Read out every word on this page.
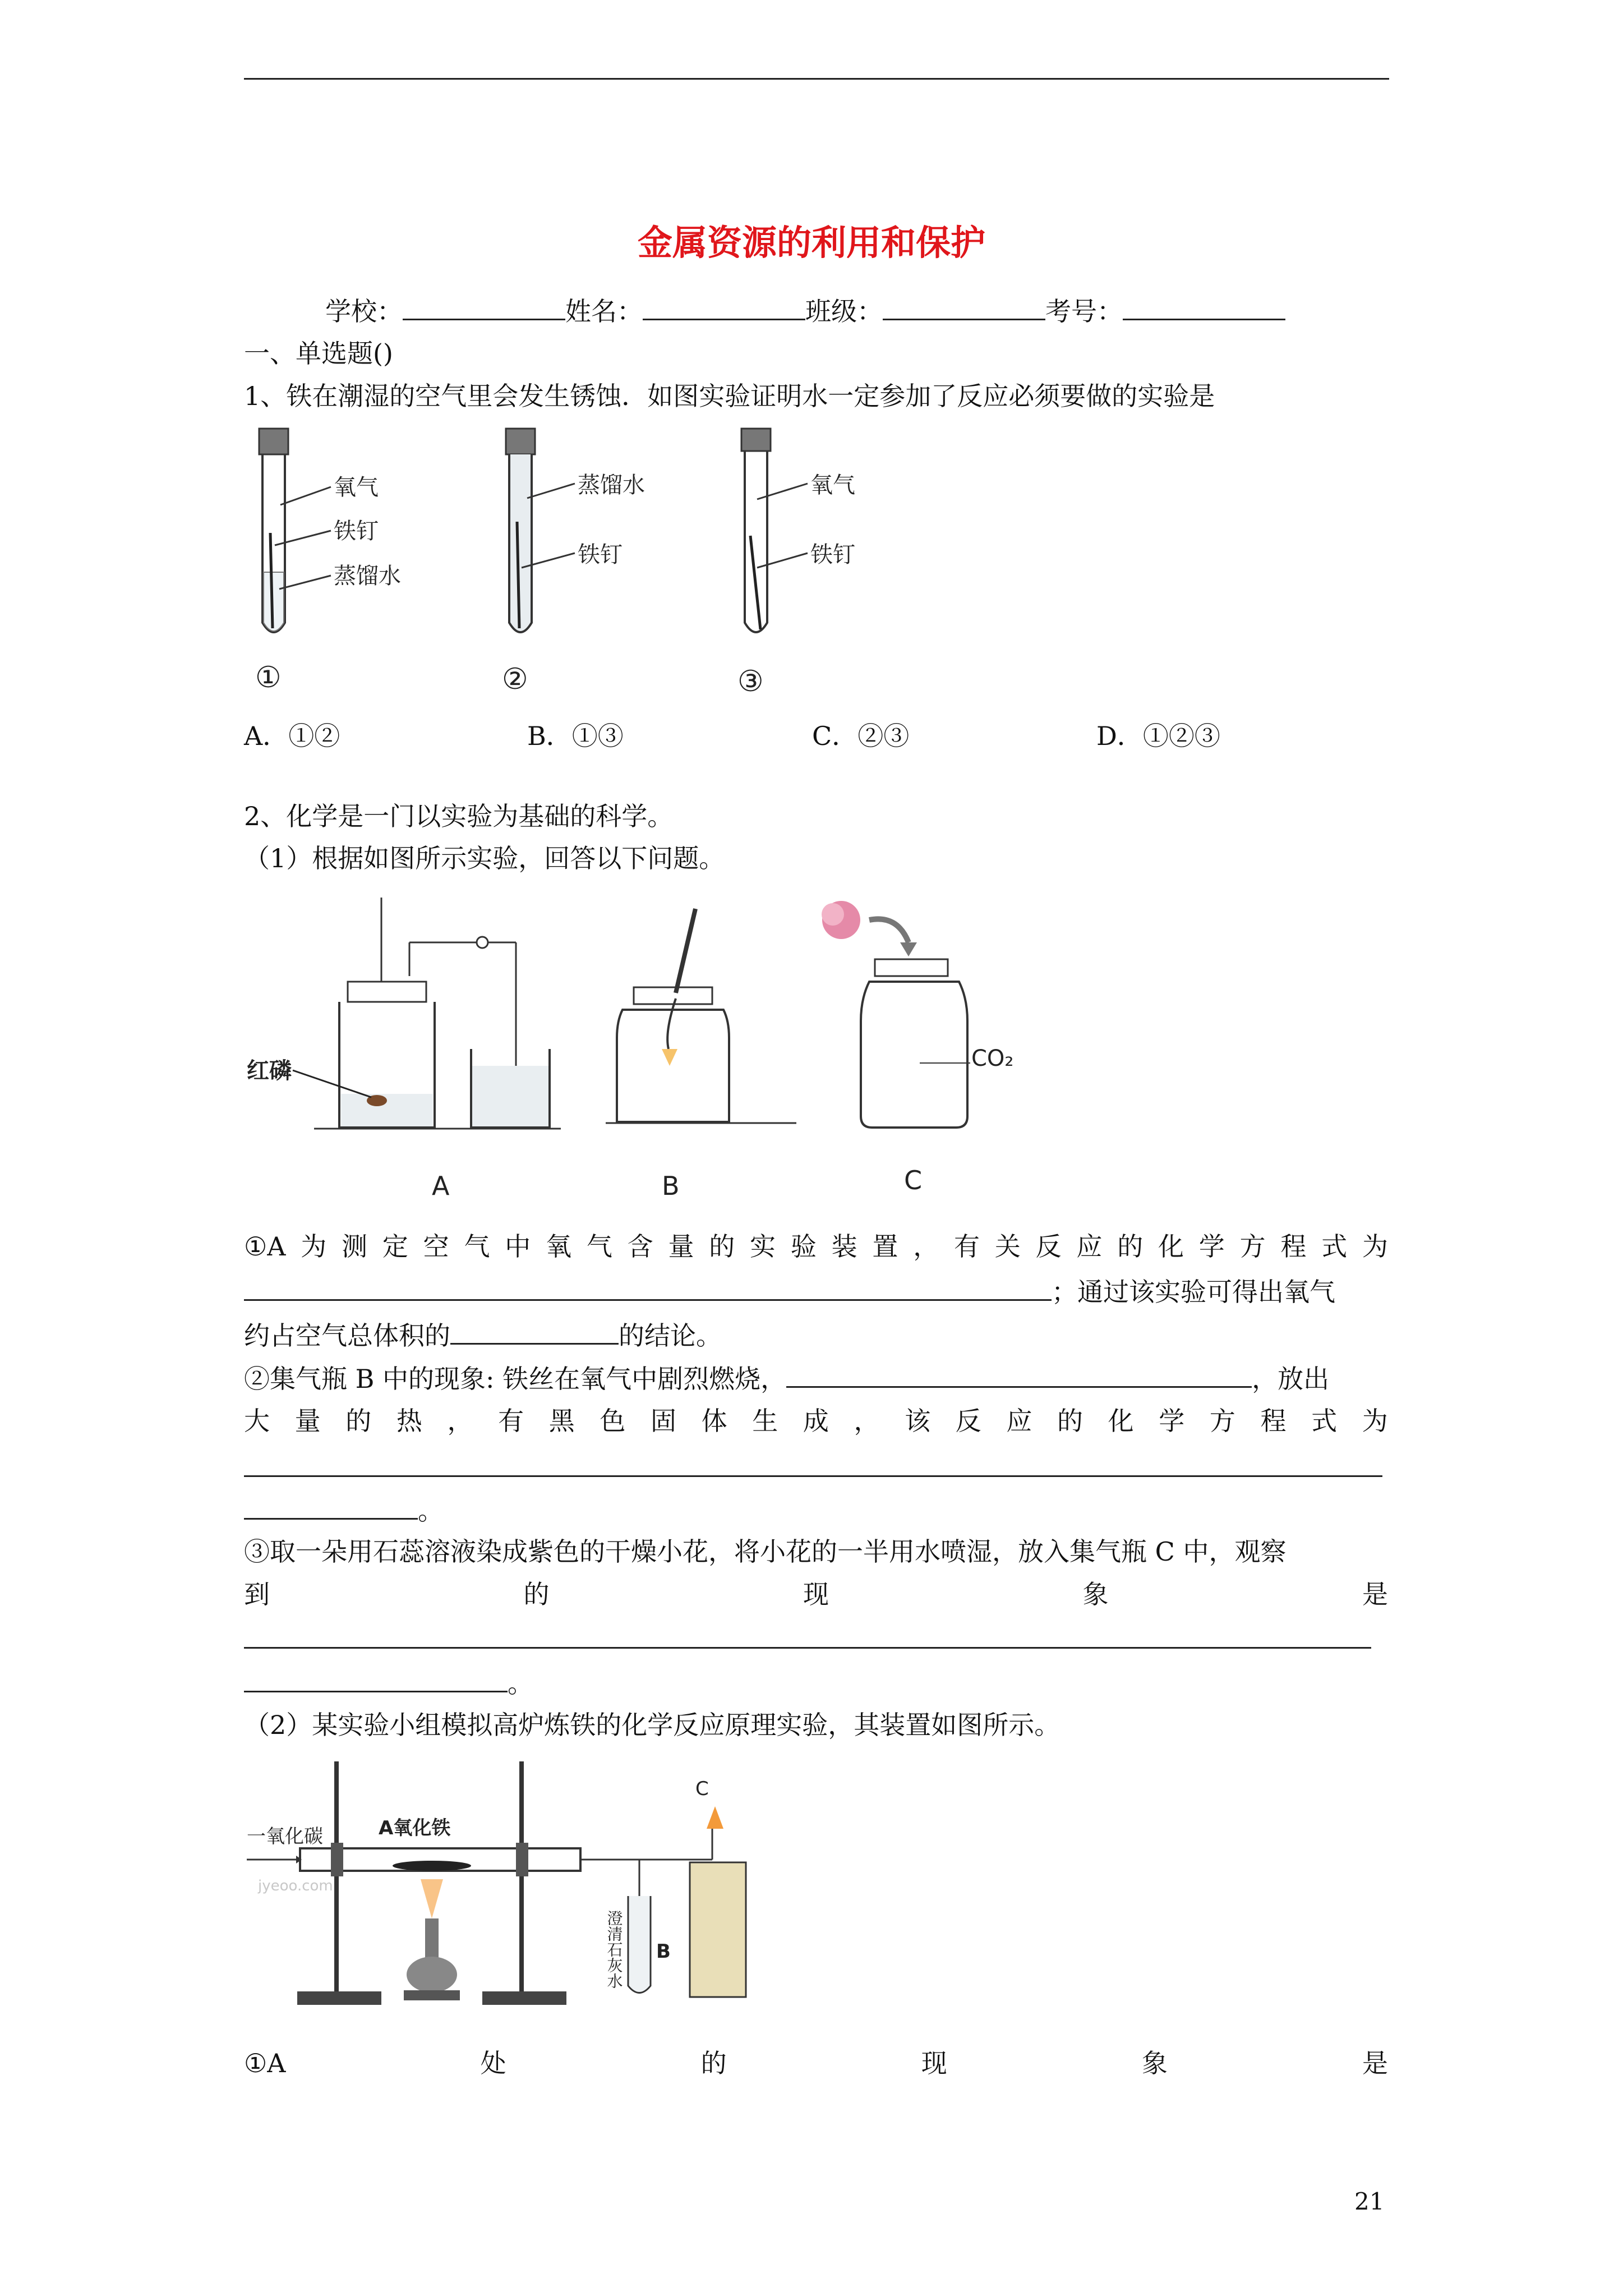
金属资源的利用和保护
学校：	姓名：	班级：	考号：
一、单选题()
1、铁在潮湿的空气里会发生锈蚀．如图实验证明水一定参加了反应必须要做的实验是
氧气
铁钉
蒸馏水
①
蒸馏水
铁钉
②	③
氧气
铁钉
A．①②	B．①③	C．②③	D．①②③
2、化学是一门以实验为基础的科学。
（1）根据如图所示实验，回答以下问题。
红磷
A	B
CO₂
C
①A 为 测 定 空 气 中 氧 气 含 量 的 实 验 装 置 ， 有 关 反 应 的 化 学 方 程 式 为
；通过该实验可得出氧气
约占空气总体积的	的结论。
②集气瓶 B 中的现象: 铁丝在氧气中剧烈燃烧，	，放出
大 量 的 热 ， 有 黑 色 固 体 生 成 ， 该 反 应 的 化 学 方 程 式 为
。
③取一朵用石蕊溶液染成紫色的干燥小花，将小花的一半用水喷湿，放入集气瓶 C 中，观察
到	的	现	象	是
。
（2）某实验小组模拟高炉炼铁的化学反应原理实验，其装置如图所示。
一氧化碳	A氧化铁
B
澄清石灰水
C
jyeoo.com
①A	处	的	现	象	是
21
